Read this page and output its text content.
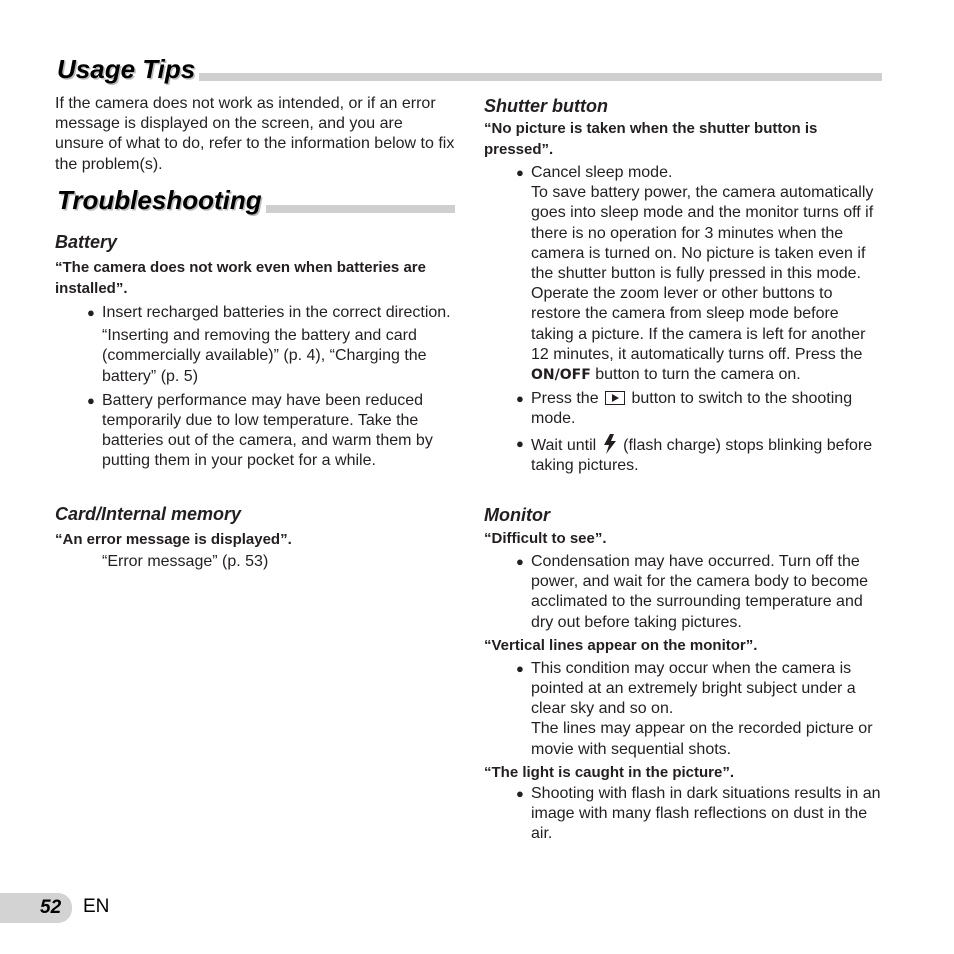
Usage Tips

If the camera does not work as intended, or if an error message is displayed on the screen, and you are unsure of what to do, refer to the information below to fix the problem(s).

Troubleshooting

Battery

“The camera does not work even when batteries are installed”.

● Insert recharged batteries in the correct direction.

“Inserting and removing the battery and card (commercially available)” (p. 4), “Charging the battery” (p. 5)

● Battery performance may have been reduced temporarily due to low temperature. Take the batteries out of the camera, and warm them by putting them in your pocket for a while.

Card/Internal memory

“An error message is displayed”.

“Error message” (p. 53)

Shutter button

“No picture is taken when the shutter button is pressed”.

● Cancel sleep mode.
To save battery power, the camera automatically goes into sleep mode and the monitor turns off if there is no operation for 3 minutes when the camera is turned on. No picture is taken even if the shutter button is fully pressed in this mode. Operate the zoom lever or other buttons to restore the camera from sleep mode before taking a picture. If the camera is left for another 12 minutes, it automatically turns off. Press the ON/OFF button to turn the camera on.
● Press the button to switch to the shooting mode.
● Wait until (flash charge) stops blinking before taking pictures.

Monitor

“Difficult to see”.

● Condensation may have occurred. Turn off the power, and wait for the camera body to become acclimated to the surrounding temperature and dry out before taking pictures.

“Vertical lines appear on the monitor”.

● This condition may occur when the camera is pointed at an extremely bright subject under a clear sky and so on.
The lines may appear on the recorded picture or movie with sequential shots.

“The light is caught in the picture”.

● Shooting with flash in dark situations results in an image with many flash reflections on dust in the air.
52 EN
